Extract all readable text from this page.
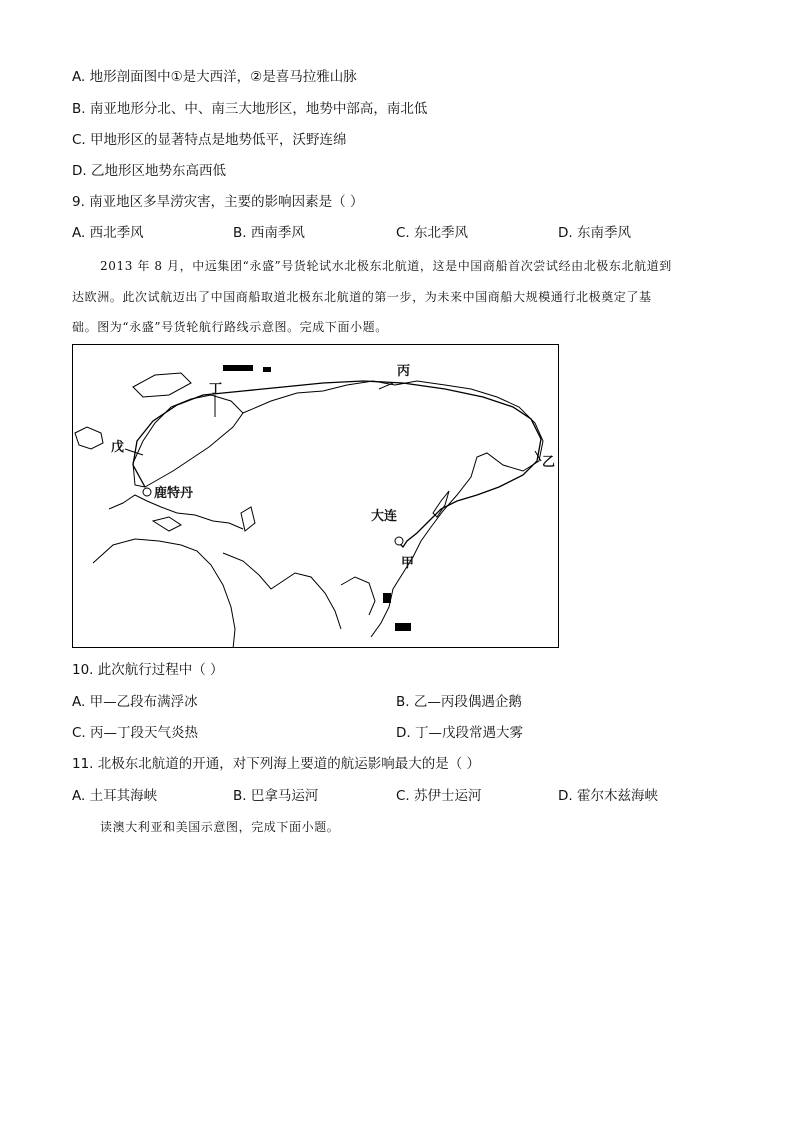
A. 地形剖面图中①是大西洋，②是喜马拉雅山脉
B. 南亚地形分北、中、南三大地形区，地势中部高，南北低
C. 甲地形区的显著特点是地势低平，沃野连绵
D. 乙地形区地势东高西低
9. 南亚地区多旱涝灾害，主要的影响因素是（ ）
A. 西北季风	B. 西南季风	C. 东北季风	D. 东南季风
2013 年 8 月，中远集团“永盛”号货轮试水北极东北航道，这是中国商船首次尝试经由北极东北航道到
达欧洲。此次试航迈出了中国商船取道北极东北航道的第一步，为未来中国商船大规模通行北极奠定了基
础。图为“永盛”号货轮航行路线示意图。完成下面小题。
丙
丁
戊
乙
鹿特丹
大连
甲
10. 此次航行过程中（ ）
A. 甲—乙段布满浮冰	B. 乙—丙段偶遇企鹅
C. 丙—丁段天气炎热	D. 丁—戊段常遇大雾
11. 北极东北航道的开通，对下列海上要道的航运影响最大的是（ ）
A. 土耳其海峡	B. 巴拿马运河	C. 苏伊士运河	D. 霍尔木兹海峡
读澳大利亚和美国示意图，完成下面小题。
